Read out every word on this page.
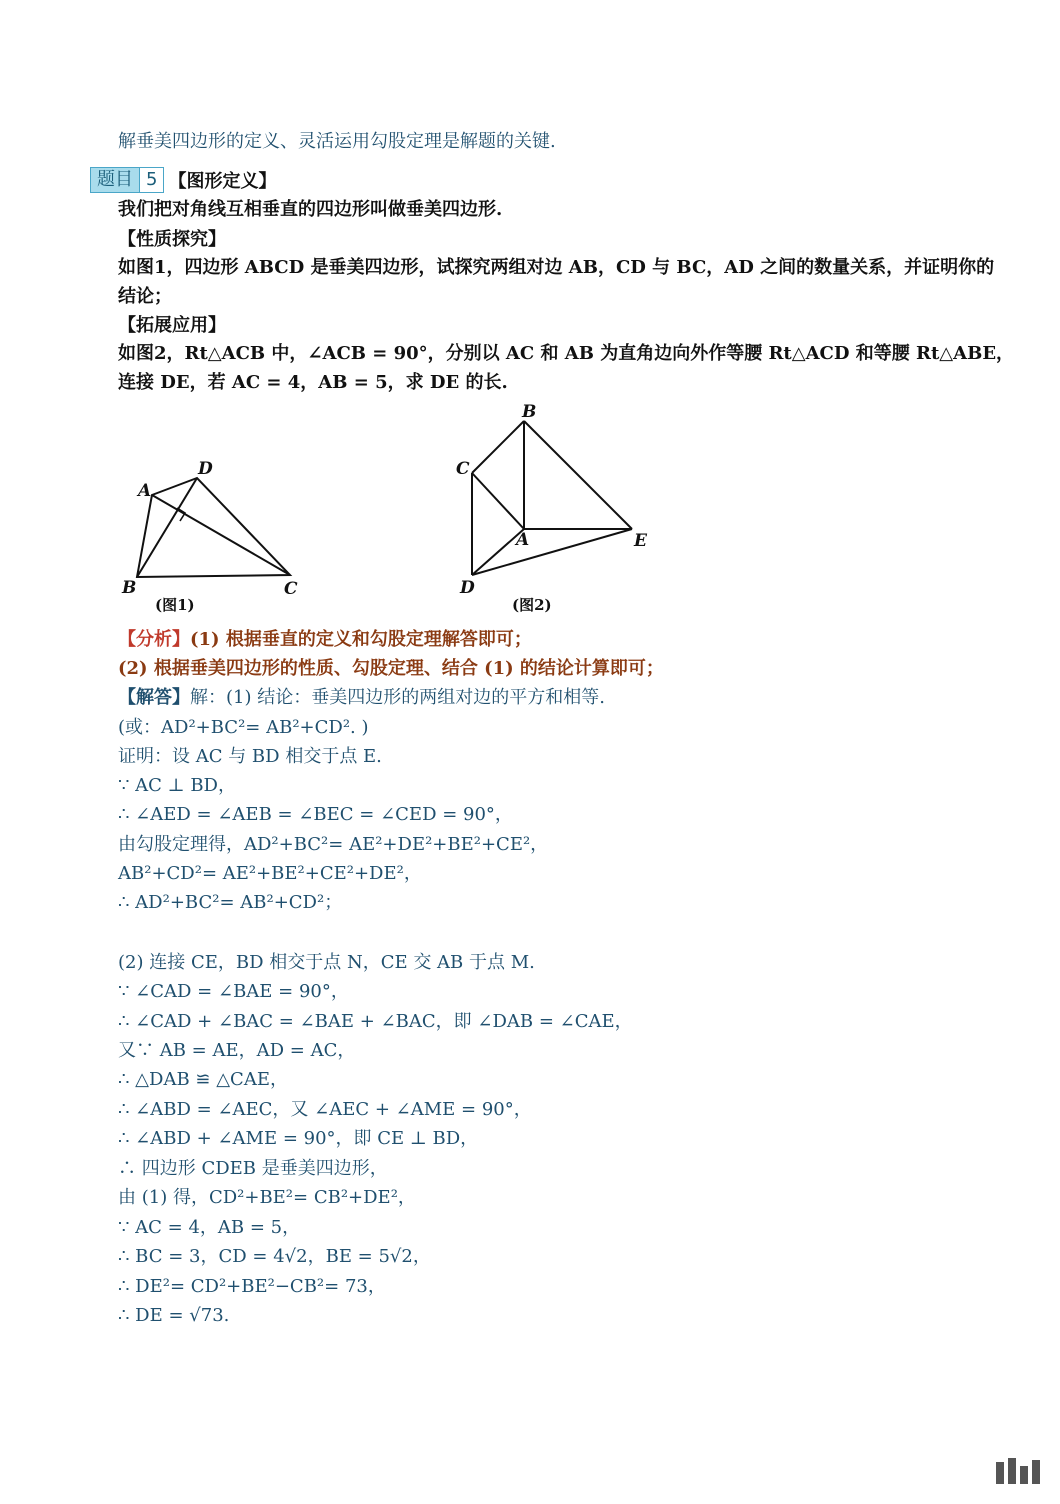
解垂美四边形的定义、灵活运用勾股定理是解题的关键.
题目 5 【图形定义】
我们把对角线互相垂直的四边形叫做垂美四边形.
【性质探究】
如图1，四边形 ABCD 是垂美四边形，试探究两组对边 AB，CD 与 BC，AD 之间的数量关系，并证明你的
结论；
【拓展应用】
如图2，Rt△ACB 中，∠ACB = 90°，分别以 AC 和 AB 为直角边向外作等腰 Rt△ACD 和等腰 Rt△ABE，
连接 DE，若 AC = 4，AB = 5，求 DE 的长.
A
D
B	C
(图1)
B
C
A	E
D
(图2)
【分析】(1) 根据垂直的定义和勾股定理解答即可；
(2) 根据垂美四边形的性质、勾股定理、结合 (1) 的结论计算即可；
【解答】解：(1) 结论：垂美四边形的两组对边的平方和相等.
(或：AD²+BC²= AB²+CD². )
证明：设 AC 与 BD 相交于点 E.
∵ AC ⊥ BD，
∴ ∠AED = ∠AEB = ∠BEC = ∠CED = 90°，
由勾股定理得，AD²+BC²= AE²+DE²+BE²+CE²，
AB²+CD²= AE²+BE²+CE²+DE²，
∴ AD²+BC²= AB²+CD²；
(2) 连接 CE，BD 相交于点 N，CE 交 AB 于点 M.
∵ ∠CAD = ∠BAE = 90°，
∴ ∠CAD + ∠BAC = ∠BAE + ∠BAC，即 ∠DAB = ∠CAE，
又∵ AB = AE，AD = AC，
∴ △DAB ≌ △CAE，
∴ ∠ABD = ∠AEC，又 ∠AEC + ∠AME = 90°，
∴ ∠ABD + ∠AME = 90°，即 CE ⊥ BD，
∴ 四边形 CDEB 是垂美四边形，
由 (1) 得，CD²+BE²= CB²+DE²，
∵ AC = 4，AB = 5，
∴ BC = 3，CD = 4√2，BE = 5√2，
∴ DE²= CD²+BE²−CB²= 73，
∴ DE = √73.
